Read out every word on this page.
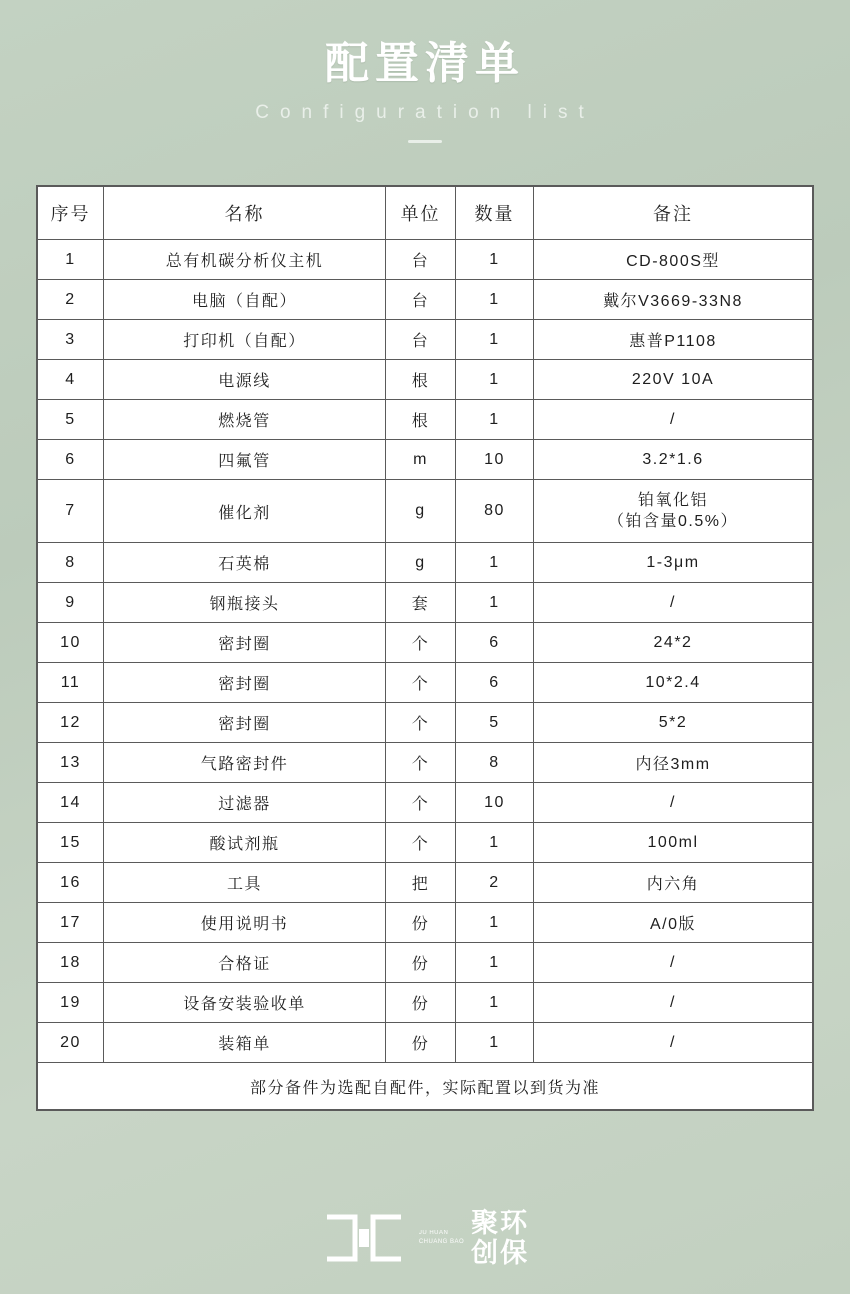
配置清单
Configuration list
序号	名称	单位	数量	备注
1	总有机碳分析仪主机	台	1	CD-800S型
2	电脑（自配）	台	1	戴尔V3669-33N8
3	打印机（自配）	台	1	惠普P1108
4	电源线	根	1	220V 10A
5	燃烧管	根	1	/
6	四氟管	m	10	3.2*1.6
7	催化剂	g	80	铂氧化铝
（铂含量0.5%）

8	石英棉	g	1	1-3μm
9	钢瓶接头	套	1	/
10	密封圈	个	6	24*2
11	密封圈	个	6	10*2.4
12	密封圈	个	5	5*2
13	气路密封件	个	8	内径3mm
14	过滤器	个	10	/
15	酸试剂瓶	个	1	100ml
16	工具	把	2	内六角
17	使用说明书	份	1	A/0版
18	合格证	份	1	/
19	设备安装验收单	份	1	/
20	装箱单	份	1	/
部分备件为选配自配件，实际配置以到货为准				
JU HUAN
CHUANG BAO
聚环
创保
